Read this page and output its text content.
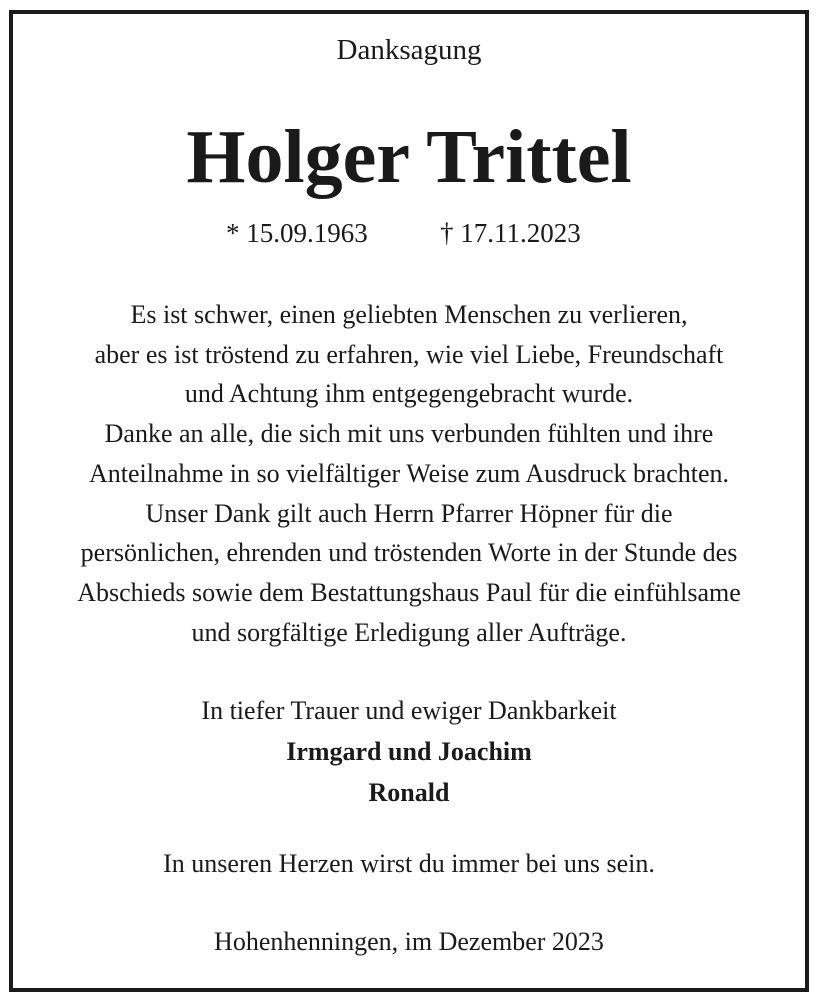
Danksagung
Holger Trittel
* 15.09.1963	† 17.11.2023
Es ist schwer, einen geliebten Menschen zu verlieren,
aber es ist tröstend zu erfahren, wie viel Liebe, Freundschaft
und Achtung ihm entgegengebracht wurde.
Danke an alle, die sich mit uns verbunden fühlten und ihre
Anteilnahme in so vielfältiger Weise zum Ausdruck brachten.
Unser Dank gilt auch Herrn Pfarrer Höpner für die
persönlichen, ehrenden und tröstenden Worte in der Stunde des
Abschieds sowie dem Bestattungshaus Paul für die einfühlsame
und sorgfältige Erledigung aller Aufträge.
In tiefer Trauer und ewiger Dankbarkeit
Irmgard und Joachim
Ronald
In unseren Herzen wirst du immer bei uns sein.
Hohenhenningen, im Dezember 2023
